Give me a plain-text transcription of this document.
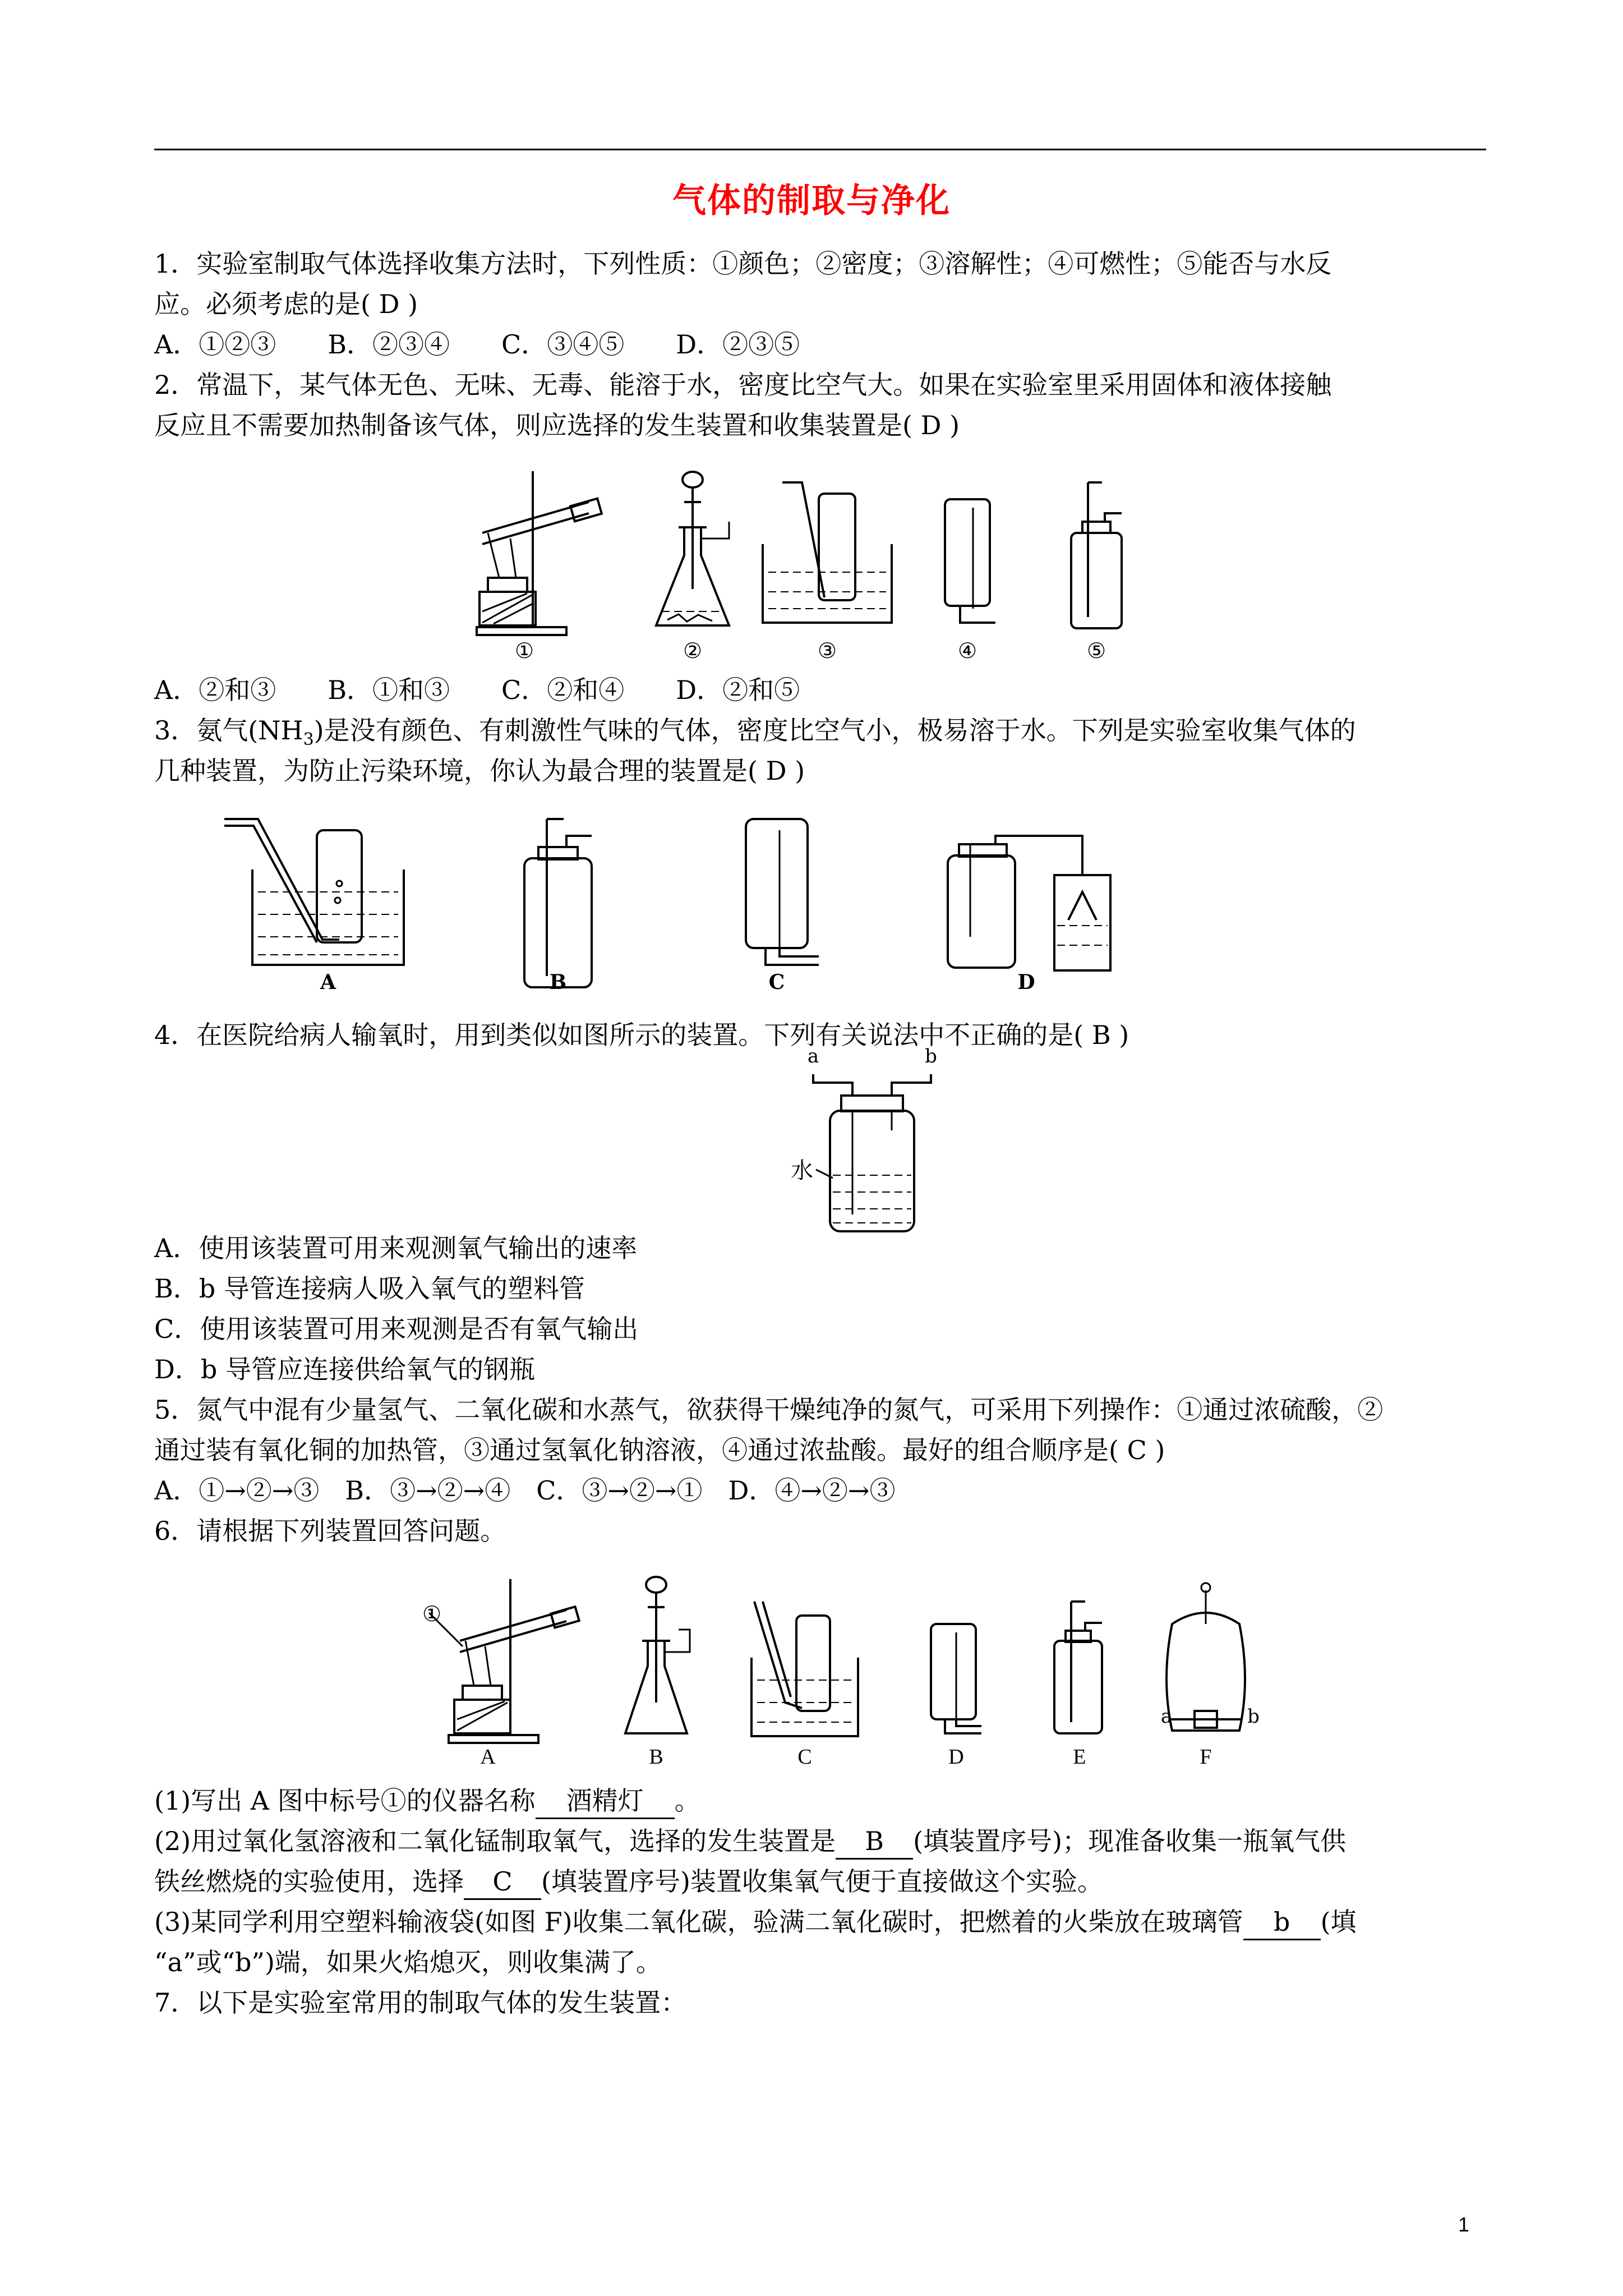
气体的制取与净化
1．实验室制取气体选择收集方法时，下列性质：①颜色；②密度；③溶解性；④可燃性；⑤能否与水反
应。必须考虑的是( D )
A．①②③　　B．②③④　　C．③④⑤　　D．②③⑤
2．常温下，某气体无色、无味、无毒、能溶于水，密度比空气大。如果在实验室里采用固体和液体接触
反应且不需要加热制备该气体，则应选择的发生装置和收集装置是( D )
①	②	③	④	⑤
A．②和③　　B．①和③　　C．②和④　　D．②和⑤
3．氨气$(NH_3)$是没有颜色、有刺激性气味的气体，密度比空气小，极易溶于水。下列是实验室收集气体的
几种装置，为防止污染环境，你认为最合理的装置是( D )
A	B	C	D
4．在医院给病人输氧时，用到类似如图所示的装置。下列有关说法中不正确的是( B )
a	b
水
A．使用该装置可用来观测氧气输出的速率
B．b 导管连接病人吸入氧气的塑料管
C．使用该装置可用来观测是否有氧气输出
D．b 导管应连接供给氧气的钢瓶
5．氮气中混有少量氢气、二氧化碳和水蒸气，欲获得干燥纯净的氮气，可采用下列操作：①通过浓硫酸，②
通过装有氧化铜的加热管，③通过氢氧化钠溶液，④通过浓盐酸。最好的组合顺序是( C )
A．①→②→③　B．③→②→④　C．③→②→①　D．④→②→③
6．请根据下列装置回答问题。
①
a	b
A	B	C	D	E	F
(1)写出 A 图中标号①的仪器名称 酒精灯 。
(2)用过氧化氢溶液和二氧化锰制取氧气，选择的发生装置是 B (填装置序号)；现准备收集一瓶氧气供
铁丝燃烧的实验使用，选择 C (填装置序号)装置收集氧气便于直接做这个实验。
(3)某同学利用空塑料输液袋(如图 F)收集二氧化碳，验满二氧化碳时，把燃着的火柴放在玻璃管 b (填
“a”或“b”)端，如果火焰熄灭，则收集满了。
7．以下是实验室常用的制取气体的发生装置：
1
